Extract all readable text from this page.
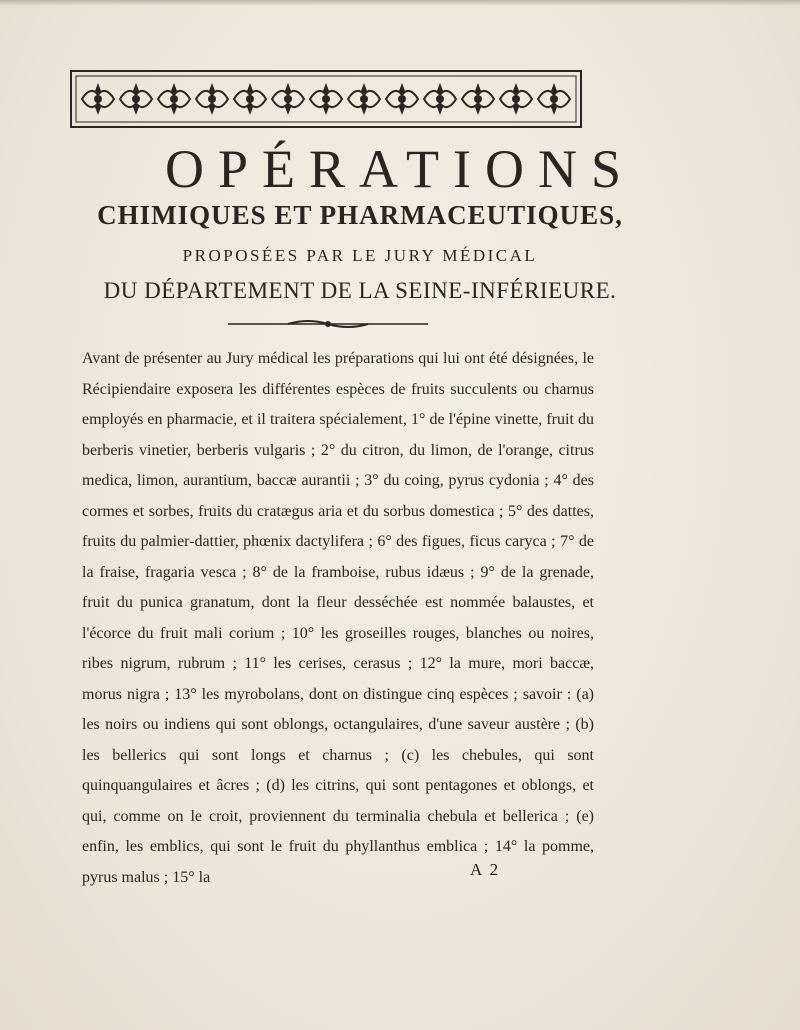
OPÉRATIONS
CHIMIQUES ET PHARMACEUTIQUES,
PROPOSÉES PAR LE JURY MÉDICAL
DU DÉPARTEMENT DE LA SEINE-INFÉRIEURE.

Avant de présenter au Jury médical les préparations qui lui ont été désignées, le Récipiendaire exposera les différentes espèces de fruits succulents ou charnus employés en pharmacie, et il traitera spécialement, 1° de l'épine vinette, fruit du berberis vinetier, berberis vulgaris ; 2° du citron, du limon, de l'orange, citrus medica, limon, aurantium, baccæ aurantii ; 3° du coing, pyrus cydonia ; 4° des cormes et sorbes, fruits du cratægus aria et du sorbus domestica ; 5° des dattes, fruits du palmier-dattier, phœnix dactylifera ; 6° des figues, ficus caryca ; 7° de la fraise, fragaria vesca ; 8° de la framboise, rubus idæus ; 9° de la grenade, fruit du punica granatum, dont la fleur desséchée est nommée balaustes, et l'écorce du fruit mali corium ; 10° les groseilles rouges, blanches ou noires, ribes nigrum, rubrum ; 11° les cerises, cerasus ; 12° la mure, mori baccæ, morus nigra ; 13° les myrobolans, dont on distingue cinq espèces ; savoir : (a) les noirs ou indiens qui sont oblongs, octangulaires, d'une saveur austère ; (b) les bellerics qui sont longs et charnus ; (c) les chebules, qui sont quinquangulaires et âcres ; (d) les citrins, qui sont pentagones et oblongs, et qui, comme on le croit, proviennent du terminalia chebula et bellerica ; (e) enfin, les emblics, qui sont le fruit du phyllanthus emblica ; 14° la pomme, pyrus malus ; 15° la	A 2
